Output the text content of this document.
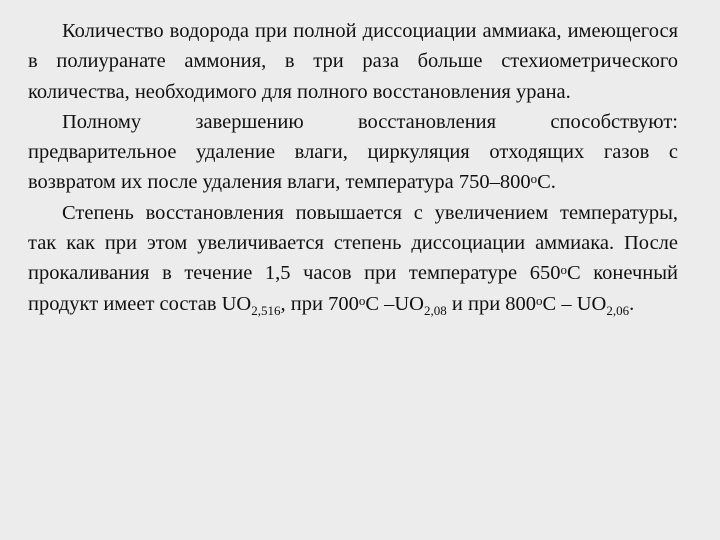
Количество водорода при полной диссоциации аммиака, имеющегося в полиуранате аммония, в три раза больше стехиометрического количества, необходимого для полного восстановления урана.

Полному завершению восстановления способствуют: предварительное удаление влаги, циркуляция отходящих газов с возвратом их после удаления влаги, температура $750-800^оС$.

Степень восстановления повышается с увеличением температуры, так как при этом увеличивается степень диссоциации аммиака. После прокаливания в течение 1,5 часов при температуре $650^оС$ конечный продукт имеет состав $UO_{2,516}$, при $700^оС$ $-UO_{2,08}$ и при $800^оС - UO_{2,06}$.
